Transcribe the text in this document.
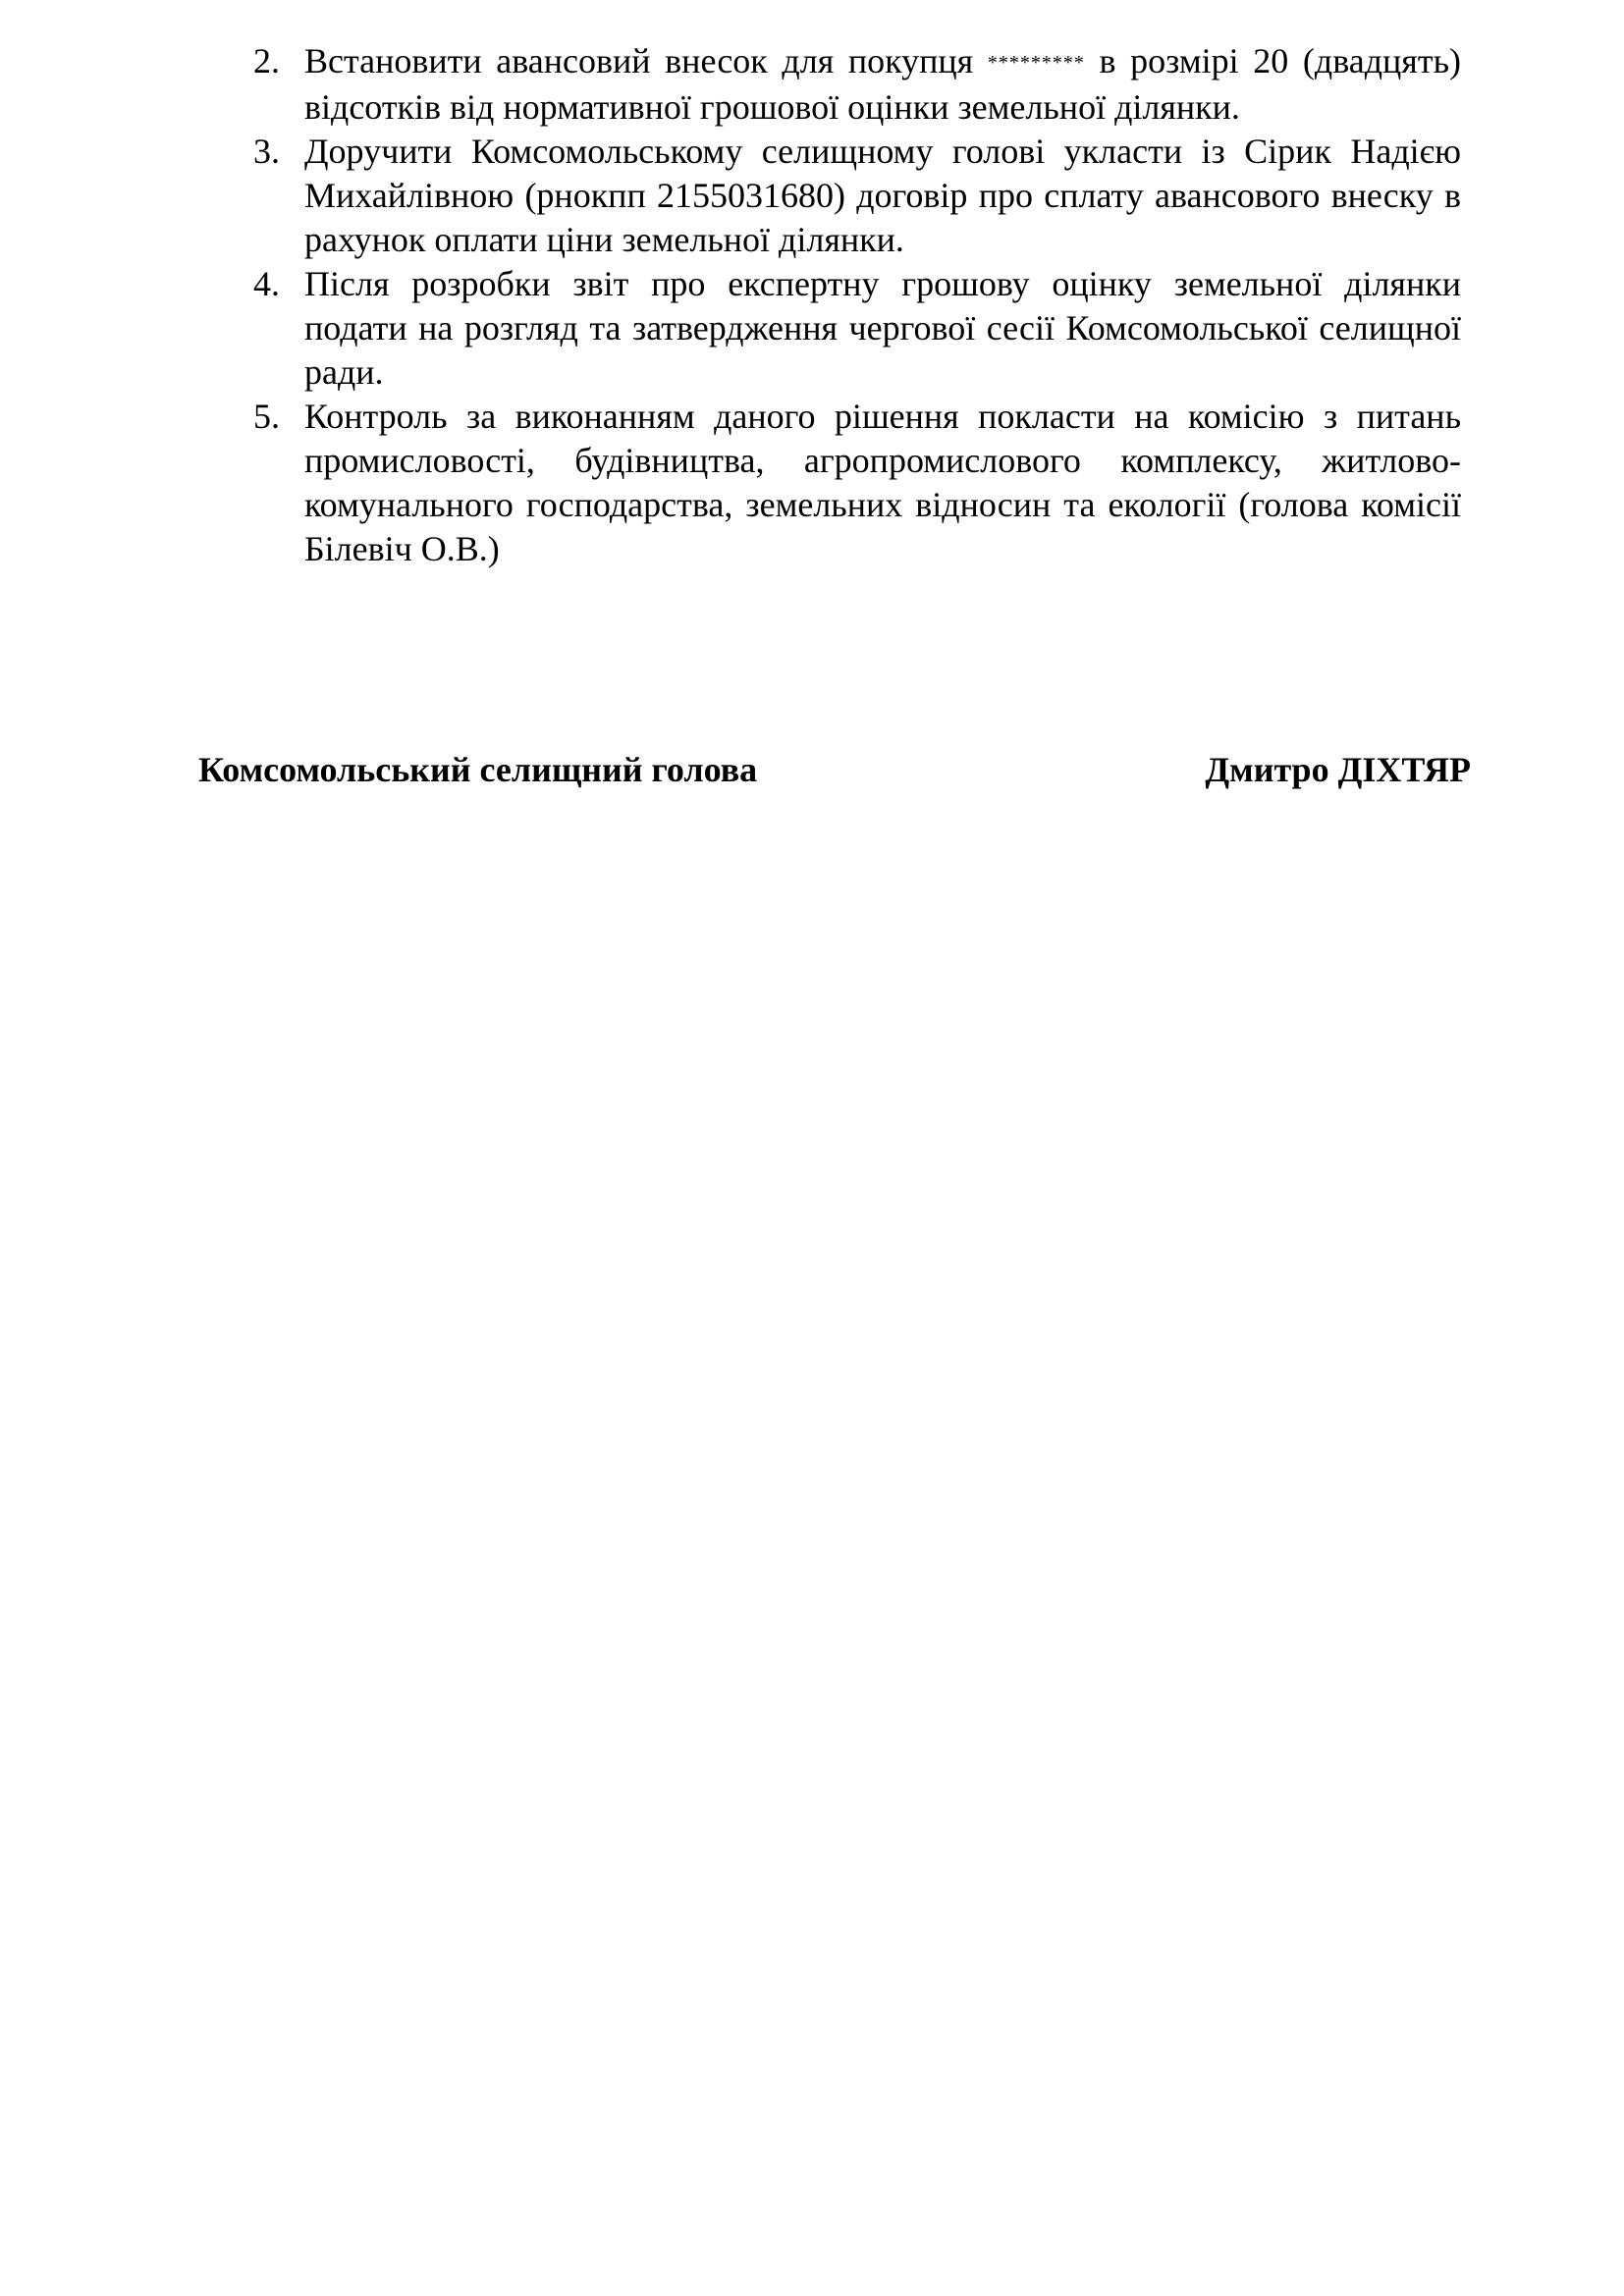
2. Встановити авансовий внесок для покупця ********* в розмірі 20 (двадцять) відсотків від нормативної грошової оцінки земельної ділянки.
3. Доручити Комсомольському селищному голові укласти із Сірик Надією Михайлівною (рнокпп 2155031680) договір про сплату авансового внеску в рахунок оплати ціни земельної ділянки.
4. Після розробки звіт про експертну грошову оцінку земельної ділянки подати на розгляд та затвердження чергової сесії Комсомольської селищної ради.
5. Контроль за виконанням даного рішення покласти на комісію з питань промисловості, будівництва, агропромислового комплексу, житлово-комунального господарства, земельних відносин та екології (голова комісії Білевіч О.В.)
Комсомольський селищний голова	Дмитро ДІХТЯР
